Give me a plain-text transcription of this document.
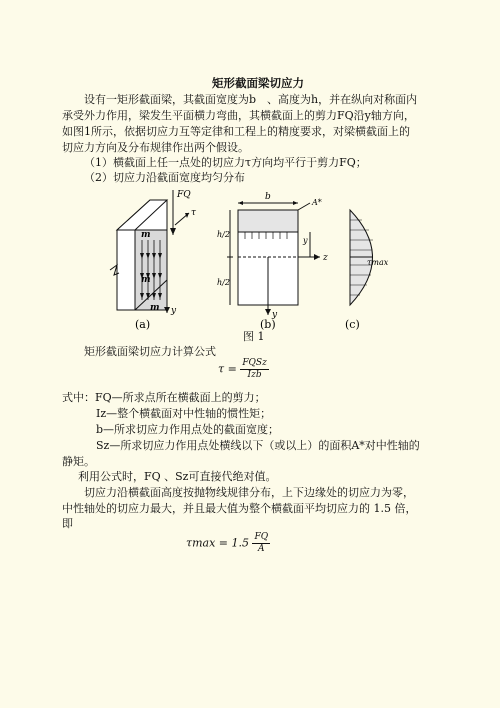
矩形截面梁切应力
设有一矩形截面梁，其截面宽度为b　、高度为h，并在纵向对称面内
承受外力作用，梁发生平面横力弯曲，其横截面上的剪力FQ沿y轴方向，
如图1所示，依据切应力互等定律和工程上的精度要求，对梁横截面上的
切应力方向及分布规律作出两个假设。
（1）横截面上任一点处的切应力τ方向均平行于剪力FQ；
（2）切应力沿截面宽度均匀分布
FQ
τ
m
m
m y
b
A*
h/2
h/2
y
z
y
τmax
(a)	(b)	(c)
图 1
矩形截面梁切应力计算公式
$\tau = \frac{\text{FQSz}}{\text{Izb}}$
式中：FQ—所求点所在横截面上的剪力；
Iz—整个横截面对中性轴的惯性矩；
b—所求切应力作用点处的截面宽度；
Sz—所求切应力作用点处横线以下（或以上）的面积A*对中性轴的
静矩。
利用公式时，FQ 、Sz可直接代绝对值。
切应力沿横截面高度按抛物线规律分布，上下边缘处的切应力为零，
中性轴处的切应力最大，并且最大值为整个横截面平均切应力的 1.5 倍，
即
$\tau\max = 1.5 \frac{FQ}{A}$
